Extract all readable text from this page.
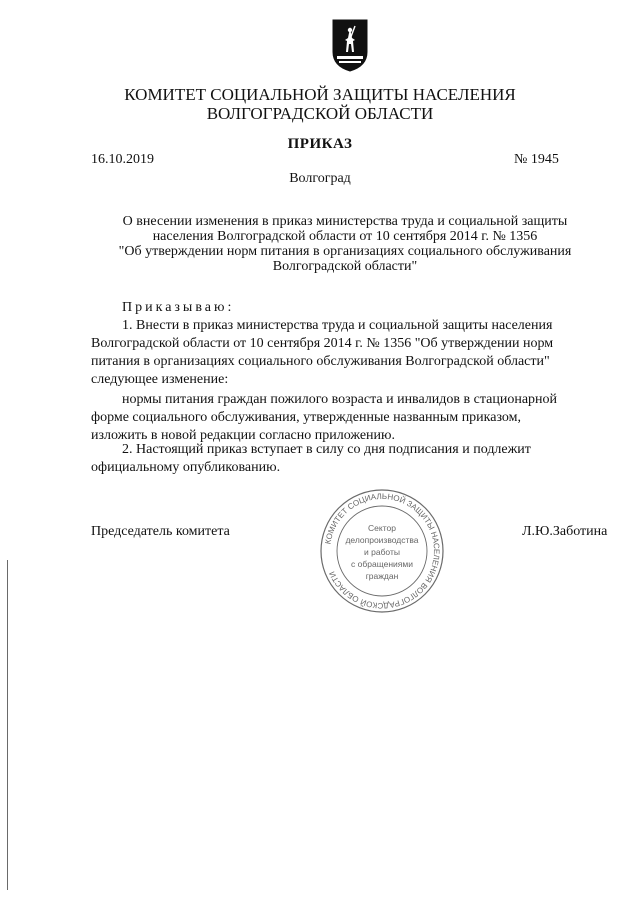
КОМИТЕТ СОЦИАЛЬНОЙ ЗАЩИТЫ НАСЕЛЕНИЯ
ВОЛГОГРАДСКОЙ ОБЛАСТИ
ПРИКАЗ
16.10.2019	№ 1945
Волгоград
О внесении изменения в приказ министерства труда и социальной защиты
населения Волгоградской области от 10 сентября 2014 г. № 1356
"Об утверждении норм питания в организациях социального обслуживания
Волгоградской области"
Приказываю:
1. Внести в приказ министерства труда и социальной защиты населения
Волгоградской области от 10 сентября 2014 г. № 1356 "Об утверждении норм
питания в организациях социального обслуживания Волгоградской области"
следующее изменение:
нормы питания граждан пожилого возраста и инвалидов в стационарной
форме социального обслуживания, утвержденные названным приказом,
изложить в новой редакции согласно приложению.
2. Настоящий приказ вступает в силу со дня подписания и подлежит
официальному опубликованию.
Председатель комитета	Л.Ю.Заботина
КОМИТЕТ СОЦИАЛЬНОЙ ЗАЩИТЫ НАСЕЛЕНИЯ ВОЛГОГРАДСКОЙ ОБЛАСТИ
Сектор
делопроизводства
и работы
с обращениями
граждан
